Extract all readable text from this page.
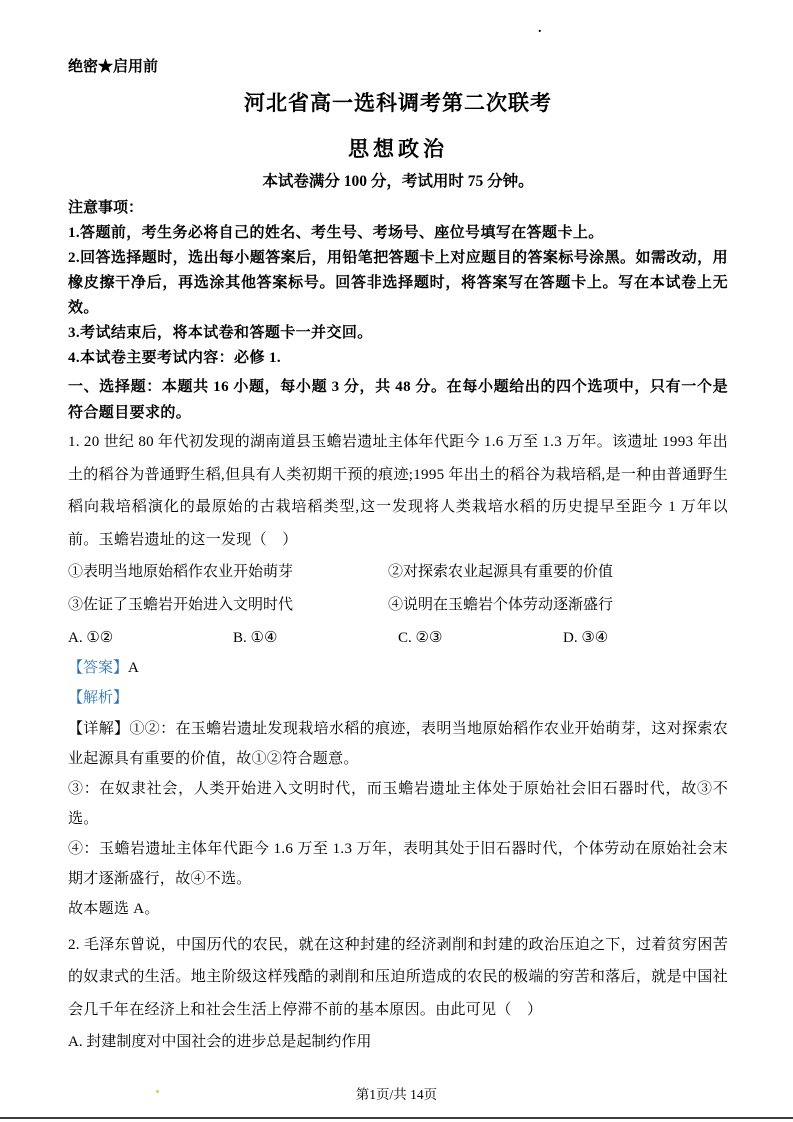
.
绝密★启用前
河北省高一选科调考第二次联考
思想政治
本试卷满分 100 分，考试用时 75 分钟。
注意事项：
1.答题前，考生务必将自己的姓名、考生号、考场号、座位号填写在答题卡上。
2.回答选择题时，选出每小题答案后，用铅笔把答题卡上对应题目的答案标号涂黑。如需改动，用橡皮擦干净后，再选涂其他答案标号。回答非选择题时，将答案写在答题卡上。写在本试卷上无效。
3.考试结束后，将本试卷和答题卡一并交回。
4.本试卷主要考试内容：必修 1.
一、选择题：本题共 16 小题，每小题 3 分，共 48 分。在每小题给出的四个选项中，只有一个是符合题目要求的。
1. 20 世纪 80 年代初发现的湖南道县玉蟾岩遗址主体年代距今 1.6 万至 1.3 万年。该遗址 1993 年出土的稻谷为普通野生稻,但具有人类初期干预的痕迹;1995 年出土的稻谷为栽培稻,是一种由普通野生稻向栽培稻演化的最原始的古栽培稻类型,这一发现将人类栽培水稻的历史提早至距今 1 万年以前。玉蟾岩遗址的这一发现（　）
①表明当地原始稻作农业开始萌芽	②对探索农业起源具有重要的价值
③佐证了玉蟾岩开始进入文明时代	④说明在玉蟾岩个体劳动逐渐盛行
A. ①②	B. ①④	C. ②③	D. ③④
【答案】A
【解析】

【详解】①②：在玉蟾岩遗址发现栽培水稻的痕迹，表明当地原始稻作农业开始萌芽，这对探索农业起源具有重要的价值，故①②符合题意。

③：在奴隶社会，人类开始进入文明时代，而玉蟾岩遗址主体处于原始社会旧石器时代，故③不选。

④：玉蟾岩遗址主体年代距今 1.6 万至 1.3 万年，表明其处于旧石器时代，个体劳动在原始社会末期才逐渐盛行，故④不选。

故本题选 A。

2. 毛泽东曾说，中国历代的农民，就在这种封建的经济剥削和封建的政治压迫之下，过着贫穷困苦的奴隶式的生活。地主阶级这样残酷的剥削和压迫所造成的农民的极端的穷苦和落后，就是中国社会几千年在经济上和社会生活上停滞不前的基本原因。由此可见（　）
A. 封建制度对中国社会的进步总是起制约作用
第1页/共 14页
